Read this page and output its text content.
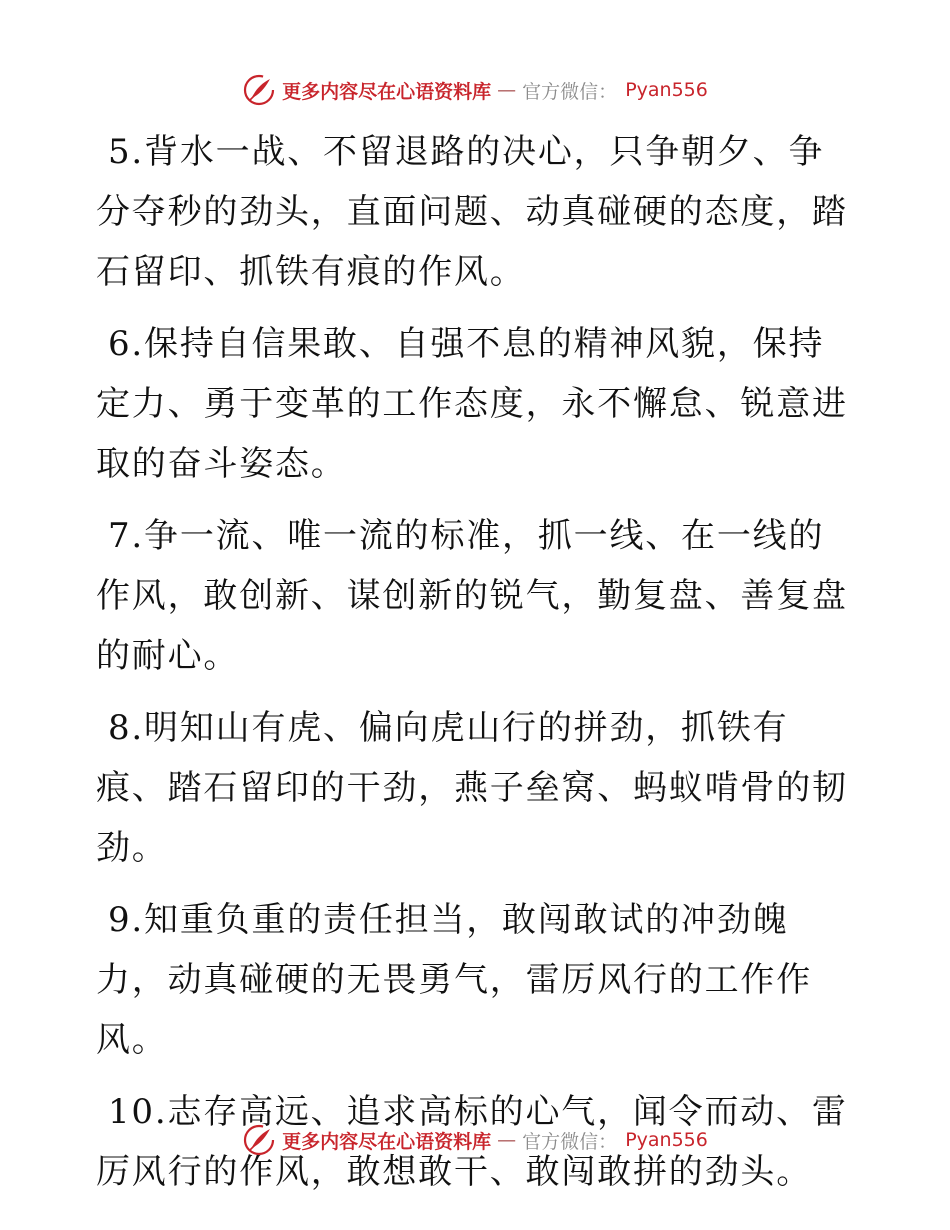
更多内容尽在心语资料库 — 官方微信： Pyan556

5.背水一战、不留退路的决心，只争朝夕、争分夺秒的劲头，直面问题、动真碰硬的态度，踏石留印、抓铁有痕的作风。

6.保持自信果敢、自强不息的精神风貌，保持定力、勇于变革的工作态度，永不懈怠、锐意进取的奋斗姿态。

7.争一流、唯一流的标准，抓一线、在一线的作风，敢创新、谋创新的锐气，勤复盘、善复盘的耐心。

8.明知山有虎、偏向虎山行的拼劲，抓铁有痕、踏石留印的干劲，燕子垒窝、蚂蚁啃骨的韧劲。

9.知重负重的责任担当，敢闯敢试的冲劲魄力，动真碰硬的无畏勇气，雷厉风行的工作作风。

10.志存高远、追求高标的心气，闻令而动、雷厉风行的作风，敢想敢干、敢闯敢拼的劲头。

更多内容尽在心语资料库 — 官方微信： Pyan556
